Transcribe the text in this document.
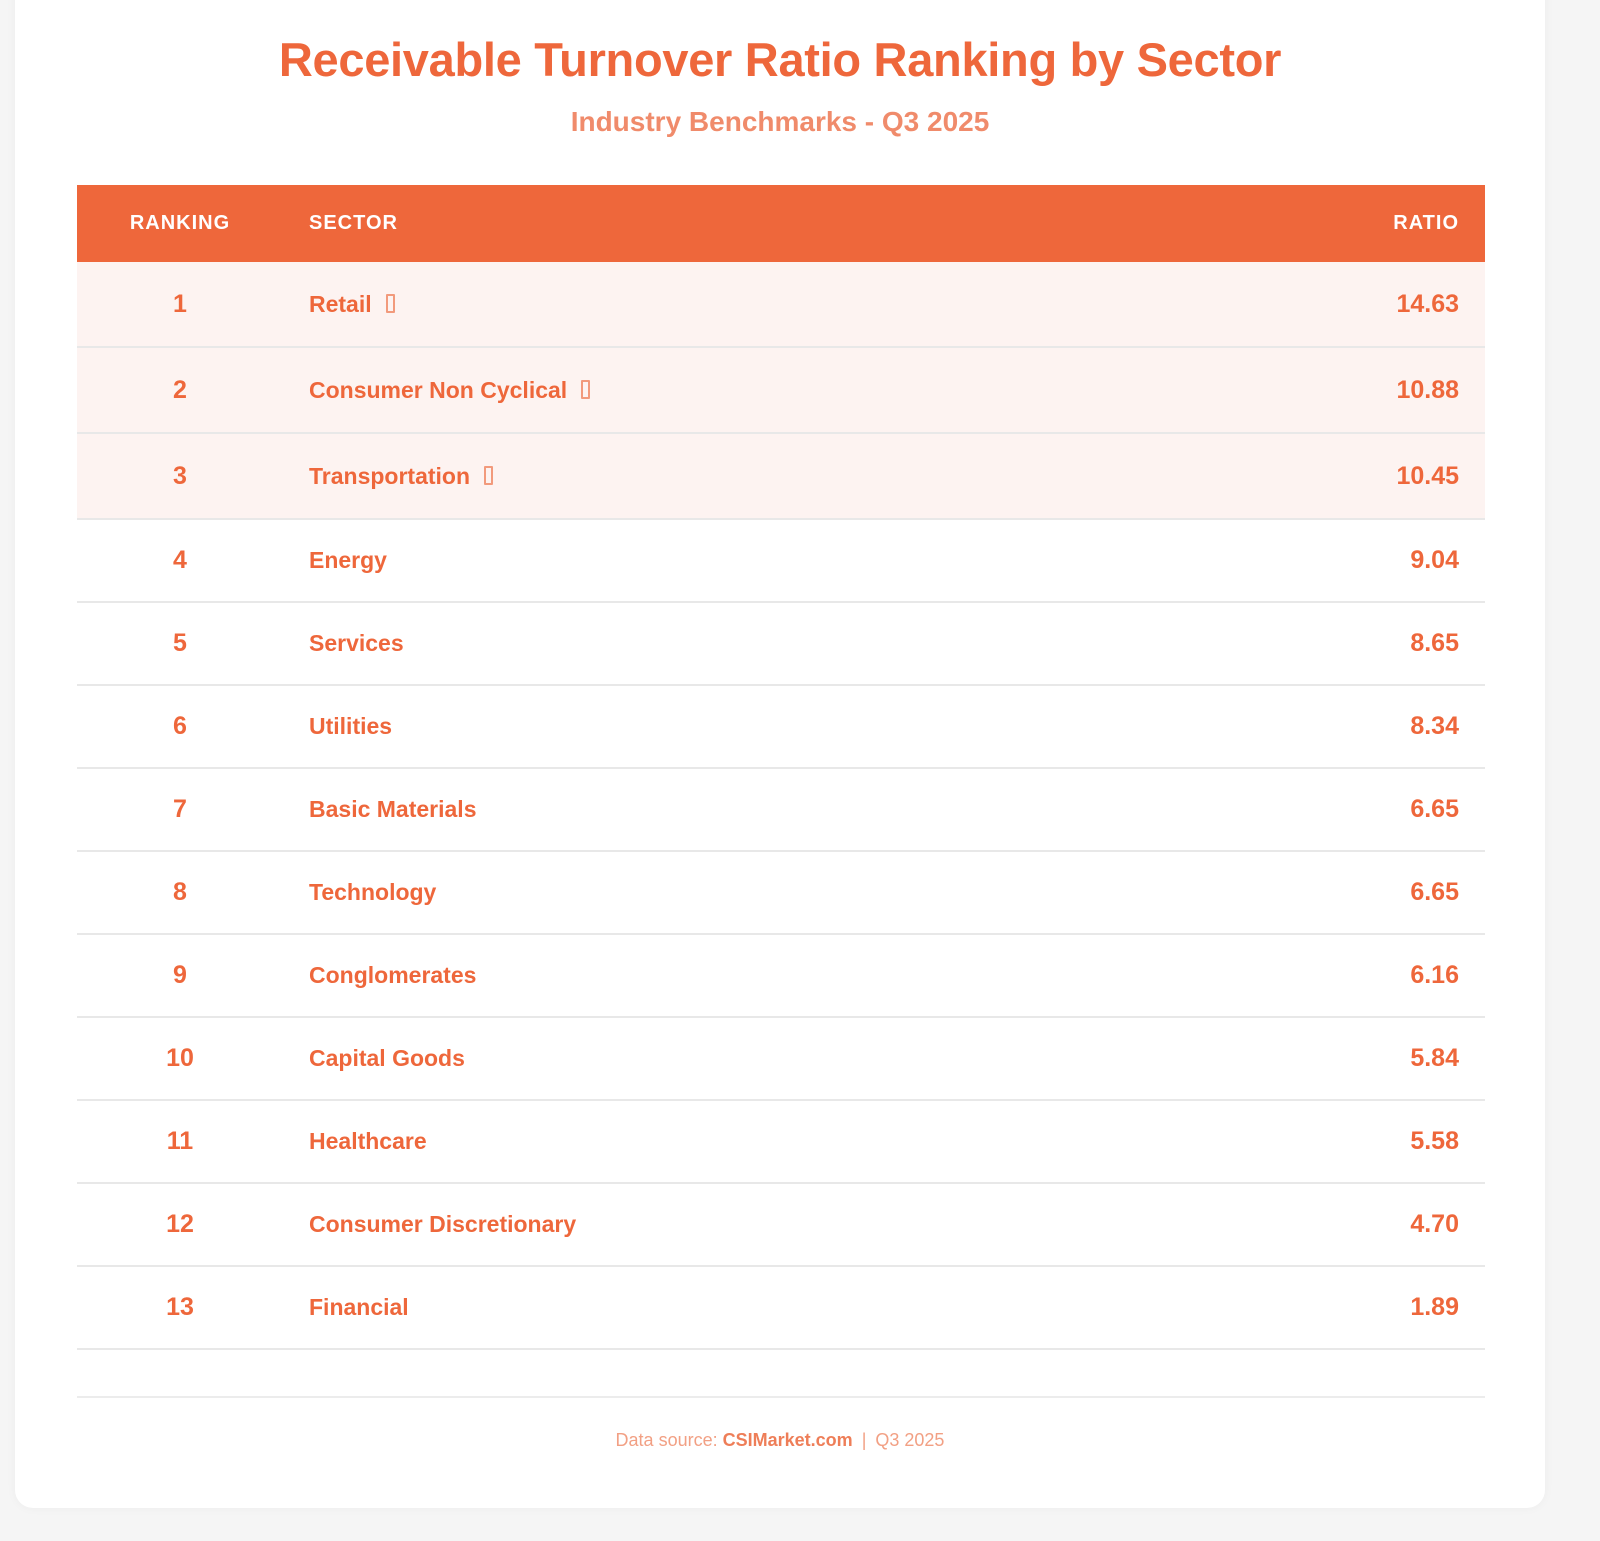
Receivable Turnover Ratio Ranking by Sector
Industry Benchmarks - Q3 2025
RANKING	SECTOR	RATIO
1	Retail	14.63
2	Consumer Non Cyclical	10.88
3	Transportation	10.45
4	Energy	9.04
5	Services	8.65
6	Utilities	8.34
7	Basic Materials	6.65
8	Technology	6.65
9	Conglomerates	6.16
10	Capital Goods	5.84
11	Healthcare	5.58
12	Consumer Discretionary	4.70
13	Financial	1.89
Data source: CSIMarket.com | Q3 2025
